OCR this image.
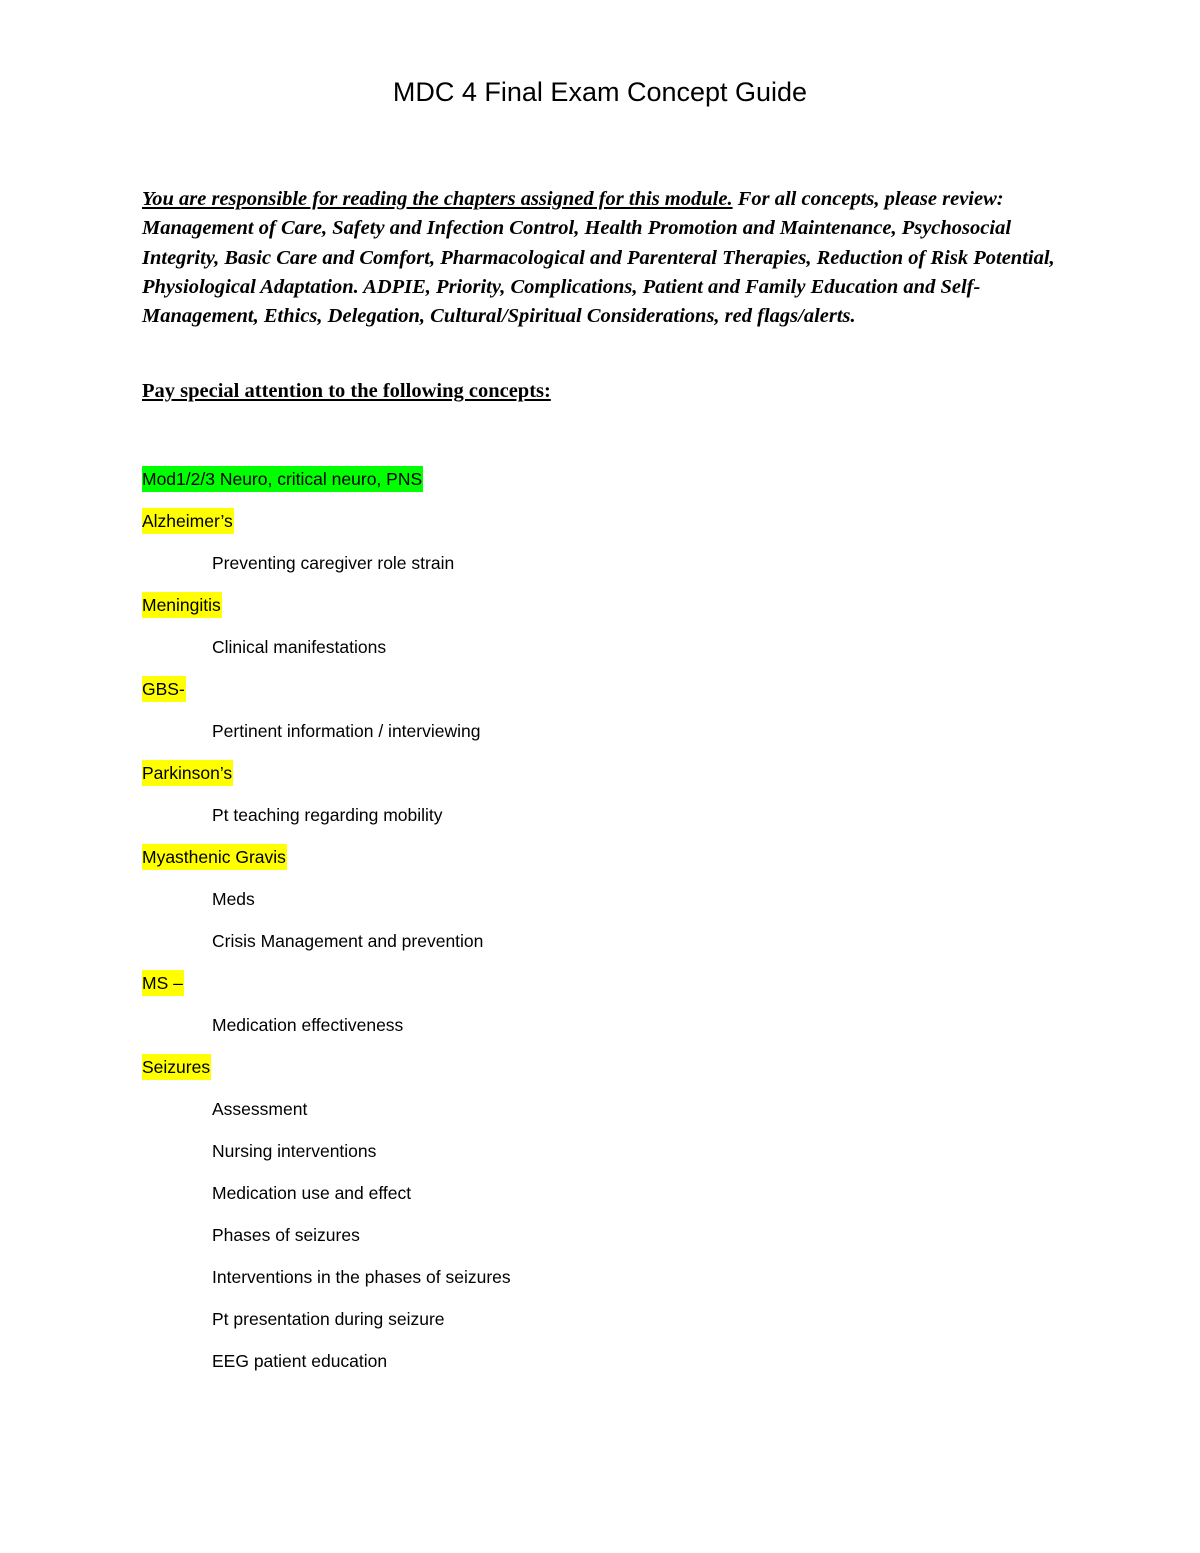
MDC 4 Final Exam Concept Guide

You are responsible for reading the chapters assigned for this module. For all concepts, please review: Management of Care, Safety and Infection Control, Health Promotion and Maintenance, Psychosocial Integrity, Basic Care and Comfort, Pharmacological and Parenteral Therapies, Reduction of Risk Potential, Physiological Adaptation. ADPIE, Priority, Complications, Patient and Family Education and Self-Management, Ethics, Delegation, Cultural/Spiritual Considerations, red flags/alerts.

Pay special attention to the following concepts:

Mod1/2/3 Neuro, critical neuro, PNS
Alzheimer’s
Preventing caregiver role strain
Meningitis
Clinical manifestations
GBS-
Pertinent information / interviewing
Parkinson’s
Pt teaching regarding mobility
Myasthenic Gravis
Meds
Crisis Management and prevention
MS –
Medication effectiveness
Seizures
Assessment
Nursing interventions
Medication use and effect
Phases of seizures
Interventions in the phases of seizures
Pt presentation during seizure
EEG patient education
